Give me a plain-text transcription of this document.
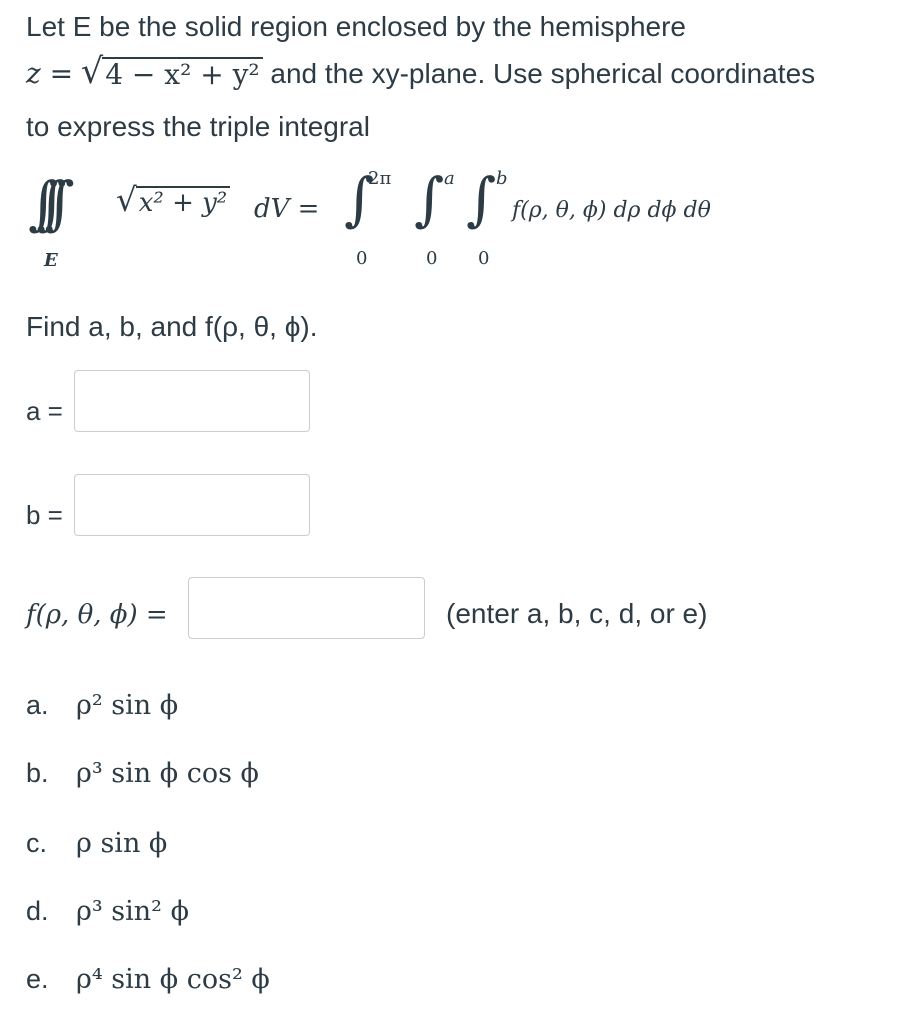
Let E be the solid region enclosed by the hemisphere
z = √ 4 − x² + y² and the xy-plane. Use spherical coordinates
to express the triple integral
∫∫∫
E
√ x² + y² dV = ∫
2π
0
∫ a
0
∫ b
0
f(ρ, θ, ϕ) dρ dϕ dθ
Find a, b, and f(ρ, θ, ϕ).
a =
b =
f(ρ, θ, ϕ) =	(enter a, b, c, d, or e)
a. ρ² sin ϕ
b. ρ³ sin ϕ cos ϕ
c. ρ sin ϕ
d. ρ³ sin² ϕ
e. ρ⁴ sin ϕ cos² ϕ
